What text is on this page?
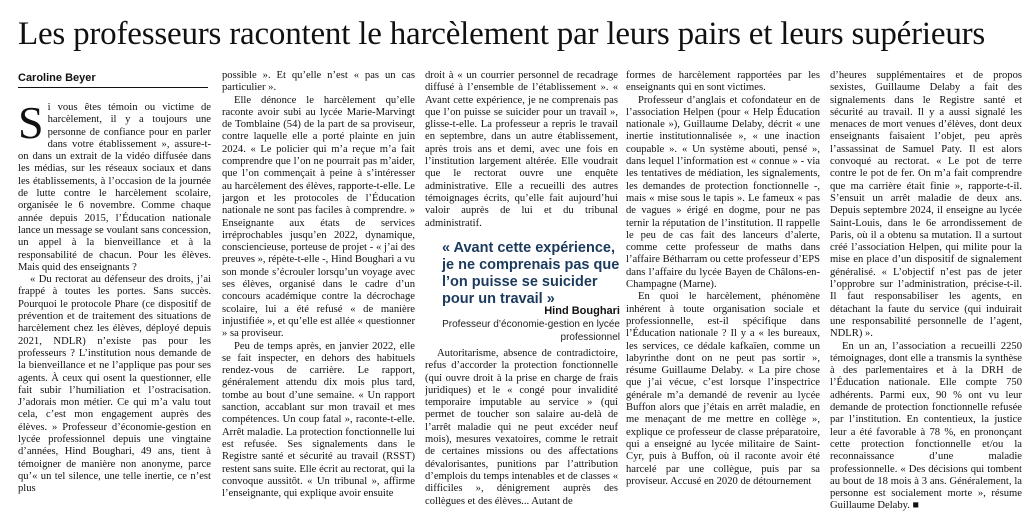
Les professeurs racontent le harcèlement par leurs pairs et leurs supérieurs
Caroline Beyer

Si vous êtes témoin ou victime de harcèlement, il y a toujours une personne de confiance pour en parler dans votre établissement », assure-t-on dans un extrait de la vidéo diffusée dans les médias, sur les réseaux sociaux et dans les établissements, à l’occasion de la journée de lutte contre le harcèlement scolaire, organisée le 6 novembre. Comme chaque année depuis 2015, l’Éducation nationale lance un message se voulant sans concession, un appel à la bienveillance et à la responsabilité de chacun. Pour les élèves. Mais quid des enseignants ?

« Du rectorat au défenseur des droits, j’ai frappé à toutes les portes. Sans succès. Pourquoi le protocole Phare (ce dispositif de prévention et de traitement des situations de harcèlement chez les élèves, déployé depuis 2021, NDLR) n’existe pas pour les professeurs ? L’institution nous demande de la bienveillance et ne l’applique pas pour ses agents. À ceux qui osent la questionner, elle fait subir l’humiliation et l’ostracisation. J’adorais mon métier. Ce qui m’a valu tout cela, c’est mon engagement auprès des élèves. » Professeur d’économie-gestion en lycée professionnel depuis une vingtaine d’années, Hind Boughari, 49 ans, tient à témoigner de manière non anonyme, parce qu’« un tel silence, une telle inertie, ce n’est plus

possible ». Et qu’elle n’est « pas un cas particulier ».

Elle dénonce le harcèlement qu’elle raconte avoir subi au lycée Marie-Marvingt de Tomblaine (54) de la part de sa proviseur, contre laquelle elle a porté plainte en juin 2024. « Le policier qui m’a reçue m’a fait comprendre que l’on ne pourrait pas m’aider, que l’on commençait à peine à s’intéresser au harcèlement des élèves, rapporte-t-elle. Le jargon et les protocoles de l’Éducation nationale ne sont pas faciles à comprendre. » Enseignante aux états de services irréprochables jusqu’en 2022, dynamique, consciencieuse, porteuse de projet - « j’ai des preuves », répète-t-elle -, Hind Boughari a vu son monde s’écrouler lorsqu’un voyage avec ses élèves, organisé dans le cadre d’un concours académique contre la décrochage scolaire, lui a été refusé « de manière injustifiée », et qu’elle est allée « questionner » sa proviseur.

Peu de temps après, en janvier 2022, elle se fait inspecter, en dehors des habituels rendez-vous de carrière. Le rapport, généralement attendu dix mois plus tard, tombe au bout d’une semaine. « Un rapport sanction, accablant sur mon travail et mes compétences. Un coup fatal », raconte-t-elle. Arrêt maladie. La protection fonctionnelle lui est refusée. Ses signalements dans le Registre santé et sécurité au travail (RSST) restent sans suite. Elle écrit au rectorat, qui la convoque aussitôt. « Un tribunal », affirme l’enseignante, qui explique avoir ensuite

droit à « un courrier personnel de recadrage diffusé à l’ensemble de l’établissement ». « Avant cette expérience, je ne comprenais pas que l’on puisse se suicider pour un travail », glisse-t-elle. La professeur a repris le travail en septembre, dans un autre établissement, après trois ans et demi, avec une fois en l’institution largement altérée. Elle voudrait que le rectorat ouvre une enquête administrative. Elle a recueilli des autres témoignages écrits, qu’elle fait aujourd’hui valoir auprès de lui et du tribunal administratif.

« Avant cette expérience, je ne comprenais pas que l’on puisse se suicider pour un travail »
Hind Boughari
Professeur d’économie-gestion en lycée professionnel

Autoritarisme, absence de contradictoire, refus d’accorder la protection fonctionnelle (qui ouvre droit à la prise en charge de frais juridiques) et le « congé pour invalidité temporaire imputable au service » (qui permet de toucher son salaire au-delà de l’arrêt maladie qui ne peut excéder neuf mois), mesures vexatoires, comme le retrait de certaines missions ou des affectations dévalorisantes, punitions par l’attribution d’emplois du temps intenables et de classes « difficiles », dénigrement auprès des collègues et des élèves... Autant de

formes de harcèlement rapportées par les enseignants qui en sont victimes.

Professeur d’anglais et cofondateur en de l’association Helpen (pour « Help Éducation nationale »), Guillaume Delaby, décrit « une inertie institutionnalisée », « une inaction coupable ». « Un système abouti, pensé », dans lequel l’information est « connue » - via les tentatives de médiation, les signalements, les demandes de protection fonctionnelle -, mais « mise sous le tapis ». Le fameux « pas de vagues » érigé en dogme, pour ne pas ternir la réputation de l’institution. Il rappelle le peu de cas fait des lanceurs d’alerte, comme cette professeur de maths dans l’affaire Bétharram ou cette professeur d’EPS dans l’affaire du lycée Bayen de Châlons-en-Champagne (Marne).

En quoi le harcèlement, phénomène inhérent à toute organisation sociale et professionnelle, est-il spécifique dans l’Éducation nationale ? Il y a « les bureaux, les services, ce dédale kafkaïen, comme un labyrinthe dont on ne peut pas sortir », résume Guillaume Delaby. « La pire chose que j’ai vécue, c’est lorsque l’inspectrice générale m’a demandé de revenir au lycée Buffon alors que j’étais en arrêt maladie, en me menaçant de me mettre en collège », explique ce professeur de classe préparatoire, qui a enseigné au lycée militaire de Saint-Cyr, puis à Buffon, où il raconte avoir été harcelé par une collègue, puis par sa proviseur. Accusé en 2020 de détournement

d’heures supplémentaires et de propos sexistes, Guillaume Delaby a fait des signalements dans le Registre santé et sécurité au travail. Il y a aussi signalé les menaces de mort venues d’élèves, dont deux enseignants faisaient l’objet, peu après l’assassinat de Samuel Paty. Il est alors convoqué au rectorat. « Le pot de terre contre le pot de fer. On m’a fait comprendre que ma carrière était finie », rapporte-t-il. S’ensuit un arrêt maladie de deux ans. Depuis septembre 2024, il enseigne au lycée Saint-Louis, dans le 6e arrondissement de Paris, où il a obtenu sa mutation. Il a surtout créé l’association Helpen, qui milite pour la mise en place d’un dispositif de signalement généralisé. « L’objectif n’est pas de jeter l’opprobre sur l’administration, précise-t-il. Il faut responsabiliser les agents, en détachant la faute du service (qui induirait une responsabilité personnelle de l’agent, NDLR) ».

En un an, l’association a recueilli 2250 témoignages, dont elle a transmis la synthèse à des parlementaires et à la DRH de l’Éducation nationale. Elle compte 750 adhérents. Parmi eux, 90 % ont vu leur demande de protection fonctionnelle refusée par l’institution. En contentieux, la justice leur a été favorable à 78 %, en prononçant cette protection fonctionnelle et/ou la reconnaissance d’une maladie professionnelle. « Des décisions qui tombent au bout de 18 mois à 3 ans. Généralement, la personne est socialement morte », résume Guillaume Delaby. ■
